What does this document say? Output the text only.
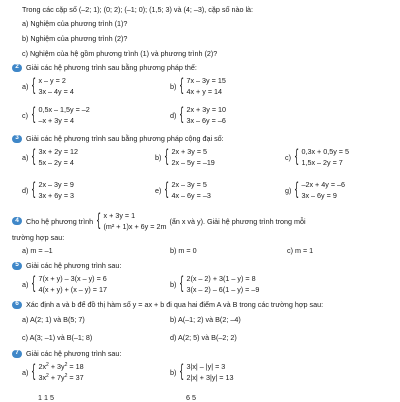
Trong các cặp số (–2; 1); (0; 2); (–1; 0); (1,5; 3) và (4; –3), cặp số nào là:
a) Nghiệm của phương trình (1)?
b) Nghiệm của phương trình (2)?
c) Nghiệm của hệ gồm phương trình (1) và phương trình (2)?
2 Giải các hệ phương trình sau bằng phương pháp thế:
a) { x – y = 2
3x – 4y = 4
b) { 7x – 3y = 15
4x + y = 14
c) { 0,5x – 1,5y = –2
–x + 3y = 4
d) { 2x + 3y = 10
3x – 6y = –6
3 Giải các hệ phương trình sau bằng phương pháp cộng đại số:
a) { 3x + 2y = 12
5x – 2y = 4
b) { 2x + 3y = 5
2x – 5y = –19
c) { 0,3x + 0,5y = 5
1,5x – 2y = 7
d) { 2x – 3y = 9
3x + 6y = 3
e) { 2x – 3y = 5
4x – 6y = –3
g) { –2x + 4y = –6
3x – 6y = 9
4 Cho hệ phương trình { x + 3y = 1
(m² + 1)x + 6y = 2m
(ẩn x và y). Giải hệ phương trình trong mỗi
trường hợp sau:
a) m = –1	b) m = 0	c) m = 1
5 Giải các hệ phương trình sau:
a) { 7(x + y) – 3(x – y) = 6
4(x + y) + (x – y) = 17
b) { 2(x – 2) + 3(1 – y) = 8
3(x – 2) – 6(1 – y) = –9
6 Xác định a và b để đồ thị hàm số y = ax + b đi qua hai điểm A và B trong các trường hợp sau:
a) A(2; 1) và B(5; 7)	b) A(–1; 2) và B(2; –4)
c) A(3; –1) và B(–1; 8)	d) A(2; 5) và B(–2; 2)
7 Giải các hệ phương trình sau:
a) { $2x^2 + 3y^2 = 18$
$3x^2 + 7y^2 = 37$
b) { 3|x| – |y| = 3
2|x| + 3|y| = 13
1 1 5	6 5
